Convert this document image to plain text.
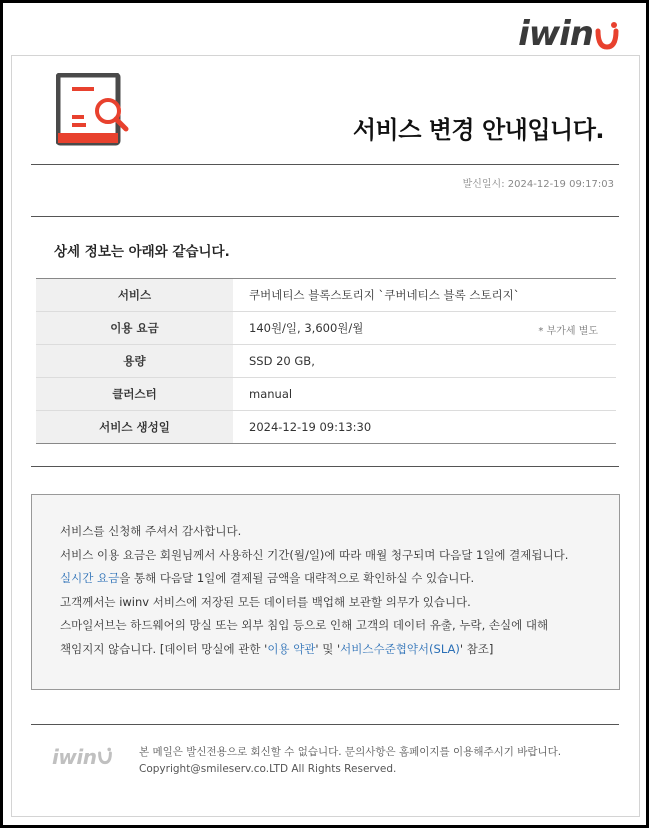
iwin
서비스 변경 안내입니다.
발신일시: 2024-12-19 09:17:03
상세 정보는 아래와 같습니다.
서비스	쿠버네티스 블록스토리지 `쿠버네티스 블록 스토리지`
이용 요금	140원/일, 3,600원/월 * 부가세 별도

용량	SSD 20 GB,
클러스터	manual
서비스 생성일	2024-12-19 09:13:30

서비스를 신청해 주셔서 감사합니다.

서비스 이용 요금은 회원님께서 사용하신 기간(월/일)에 따라 매월 청구되며 다음달 1일에 결제됩니다.

실시간 요금을 통해 다음달 1일에 결제될 금액을 대략적으로 확인하실 수 있습니다.

고객께서는 iwinv 서비스에 저장된 모든 데이터를 백업해 보관할 의무가 있습니다.

스마일서브는 하드웨어의 망실 또는 외부 침입 등으로 인해 고객의 데이터 유출, 누락, 손실에 대해

책임지지 않습니다. [데이터 망실에 관한 '이용 약관' 및 '서비스수준협약서(SLA)' 참조]

iwin	본 메일은 발신전용으로 회신할 수 없습니다. 문의사항은 홈페이지를 이용해주시기 바랍니다.
Copyright@smileserv.co.LTD All Rights Reserved.
